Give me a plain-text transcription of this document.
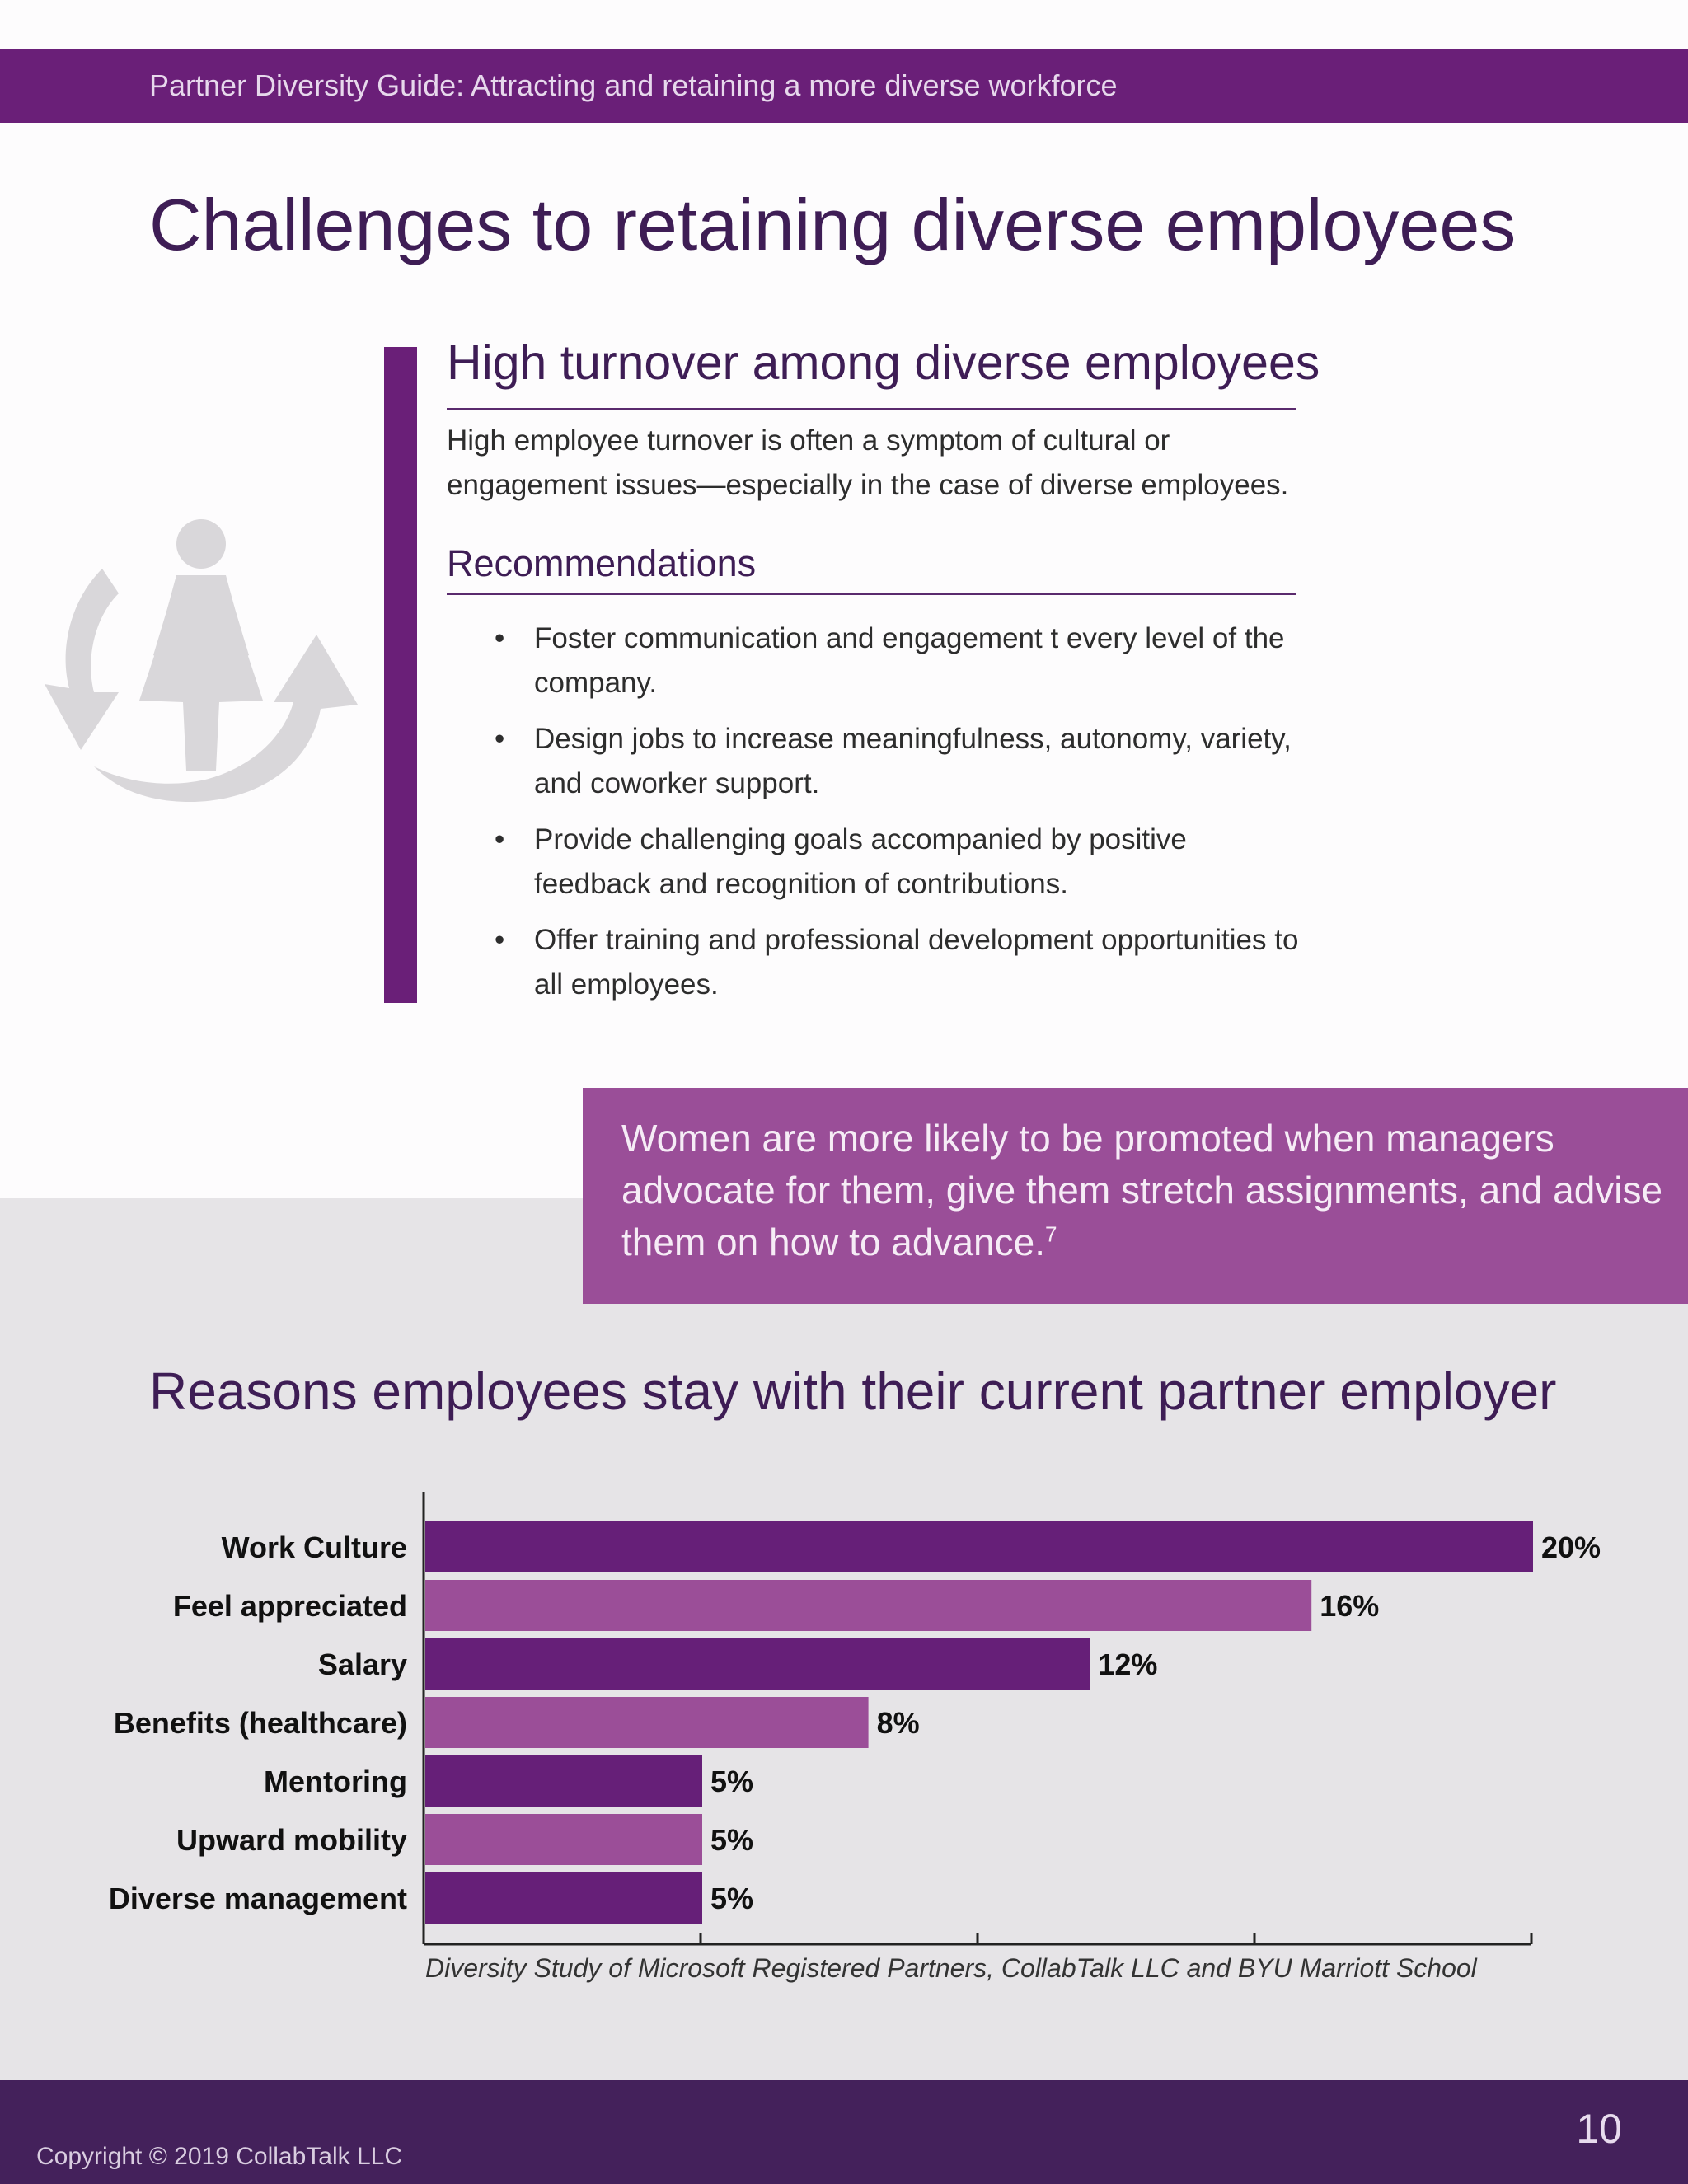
Partner Diversity Guide: Attracting and retaining a more diverse workforce
Challenges to retaining diverse employees
High turnover among diverse employees

High employee turnover is often a symptom of cultural or engagement issues—especially in the case of diverse employees.

Recommendations
• Foster communication and engagement t every level of the company.
• Design jobs to increase meaningfulness, autonomy, variety, and coworker support.
• Provide challenging goals accompanied by positive feedback and recognition of contributions.
• Offer training and professional development opportunities to all employees.

Women are more likely to be promoted when managers advocate for them, give them stretch assignments, and advise them on how to advance.$^7$

Reasons employees stay with their current partner employer
Work Culture	20%
Feel appreciated	16%
Salary	12%
Benefits (healthcare)	8%
Mentoring	5%
Upward mobility	5%
Diverse management	5%
Diversity Study of Microsoft Registered Partners, CollabTalk LLC and BYU Marriott School
Copyright © 2019 CollabTalk LLC
10
